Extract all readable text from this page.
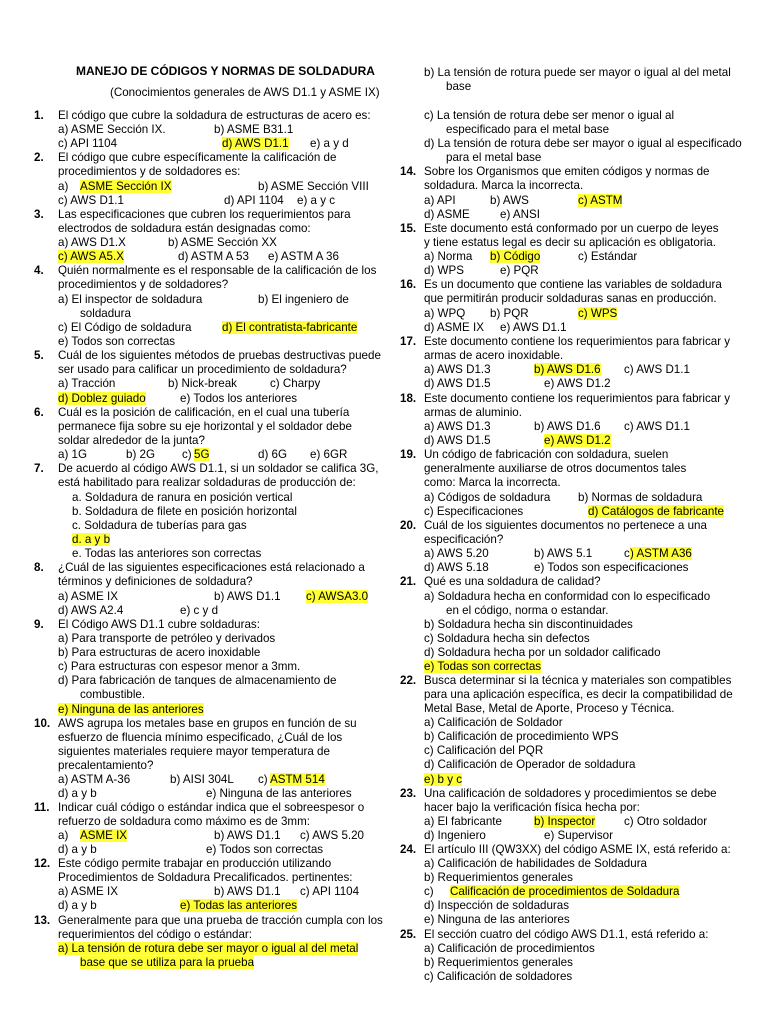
MANEJO DE CÓDIGOS Y NORMAS DE SOLDADURA
(Conocimientos generales de AWS D1.1 y ASME IX)
1. El código que cubre la soldadura de estructuras de acero es:
a) ASME Sección IX.	b) ASME B31.1
c) API 1104	d) AWS D1.1 e) a y d
2. El código que cubre específicamente la calificación de
procedimientos y de soldadores es:
a) ASME Sección IX	b) ASME Sección VIII
c) AWS D1.1	d) API 1104 e) a y c
3. Las especificaciones que cubren los requerimientos para
electrodos de soldadura están designadas como:
a) AWS D1.X	b) ASME Sección XX
c) AWS A5.X	d) ASTM A 53 e) ASTM A 36
4. Quién normalmente es el responsable de la calificación de los
procedimientos y de soldadores?
a) El inspector de soldadura	b) El ingeniero de
soldadura
c) El Código de soldadura	d) El contratista-fabricante
e) Todos son correctas
5. Cuál de los siguientes métodos de pruebas destructivas puede
ser usado para calificar un procedimiento de soldadura?
a) Tracción	b) Nick-break	c) Charpy
d) Doblez guiado	e) Todos los anteriores
6. Cuál es la posición de calificación, en el cual una tubería
permanece fija sobre su eje horizontal y el soldador debe
soldar alrededor de la junta?
a) 1G	b) 2G c) 5G	d) 6G e) 6GR
7. De acuerdo al código AWS D1.1, si un soldador se califica 3G,
está habilitado para realizar soldaduras de producción de:
a. Soldadura de ranura en posición vertical
b. Soldadura de filete en posición horizontal
c. Soldadura de tuberías para gas
d. a y b
e. Todas las anteriores son correctas
8. ¿Cuál de las siguientes especificaciones está relacionado a
términos y definiciones de soldadura?
a) ASME IX	b) AWS D1.1 c) AWSA3.0
d) AWS A2.4	e) c y d
9. El Código AWS D1.1 cubre soldaduras:
a) Para transporte de petróleo y derivados
b) Para estructuras de acero inoxidable
c) Para estructuras con espesor menor a 3mm.
d) Para fabricación de tanques de almacenamiento de
combustible.
e) Ninguna de las anteriores
10. AWS agrupa los metales base en grupos en función de su
esfuerzo de fluencia mínimo especificado, ¿Cuál de los
siguientes materiales requiere mayor temperatura de
precalentamiento?
a) ASTM A-36	b) AISI 304L c) ASTM 514
d) a y b	e) Ninguna de las anteriores
11. Indicar cuál código o estándar indica que el sobreespesor o
refuerzo de soldadura como máximo es de 3mm:
a) ASME IX	b) AWS D1.1 c) AWS 5.20
d) a y b	e) Todos son correctas
12. Este código permite trabajar en producción utilizando
Procedimientos de Soldadura Precalificados. pertinentes:
a) ASME IX	b) AWS D1.1 c) API 1104
d) a y b	e) Todas las anteriores
13. Generalmente para que una prueba de tracción cumpla con los
requerimientos del código o estándar:
a) La tensión de rotura debe ser mayor o igual al del metal
base que se utiliza para la prueba
b) La tensión de rotura puede ser mayor o igual al del metal
base
c) La tensión de rotura debe ser menor o igual al
especificado para el metal base
d) La tensión de rotura debe ser mayor o igual al especificado
para el metal base
14. Sobre los Organismos que emiten códigos y normas de
soldadura. Marca la incorrecta.
a) API	b) AWS	c) ASTM
d) ASME	e) ANSI
15. Este documento está conformado por un cuerpo de leyes
y tiene estatus legal es decir su aplicación es obligatoria.
a) Norma b) Código	c) Estándar
d) WPS	e) PQR
16. Es un documento que contiene las variables de soldadura
que permitirán producir soldaduras sanas en producción.
a) WPQ b) PQR	c) WPS
d) ASME IX e) AWS D1.1
17. Este documento contiene los requerimientos para fabricar y
armas de acero inoxidable.
a) AWS D1.3	b) AWS D1.6 c) AWS D1.1
d) AWS D1.5	e) AWS D1.2
18. Este documento contiene los requerimientos para fabricar y
armas de aluminio.
a) AWS D1.3	b) AWS D1.6 c) AWS D1.1
d) AWS D1.5	e) AWS D1.2
19. Un código de fabricación con soldadura, suelen
generalmente auxiliarse de otros documentos tales
como: Marca la incorrecta.
a) Códigos de soldadura b) Normas de soldadura
c) Especificaciones	d) Catálogos de fabricante
20. Cuál de los siguientes documentos no pertenece a una
especificación?
a) AWS 5.20	b) AWS 5.1	c ) ASTM A36
d) AWS 5.18	e) Todos son especificaciones
21. Qué es una soldadura de calidad?
a) Soldadura hecha en conformidad con lo especificado
en el código, norma o estandar.
b) Soldadura hecha sin discontinuidades
c) Soldadura hecha sin defectos
d) Soldadura hecha por un soldador calificado
e) Todas son correctas
22. Busca determinar si la técnica y materiales son compatibles
para una aplicación específica, es decir la compatibilidad de
Metal Base, Metal de Aporte, Proceso y Técnica.
a) Calificación de Soldador
b) Calificación de procedimiento WPS
c) Calificación del PQR
d) Calificación de Operador de soldadura
e) b y c
23. Una calificación de soldadores y procedimientos se debe
hacer bajo la verificación física hecha por:
a) El fabricante	b) Inspector c) Otro soldador
d) Ingeniero	e) Supervisor
24. El artículo III (QW3XX) del código ASME IX, está referido a:
a) Calificación de habilidades de Soldadura
b) Requerimientos generales
c) Calificación de procedimientos de Soldadura
d) Inspección de soldaduras
e) Ninguna de las anteriores
25. El sección cuatro del código AWS D1.1, está referido a:
a) Calificación de procedimientos
b) Requerimientos generales
c) Calificación de soldadores
